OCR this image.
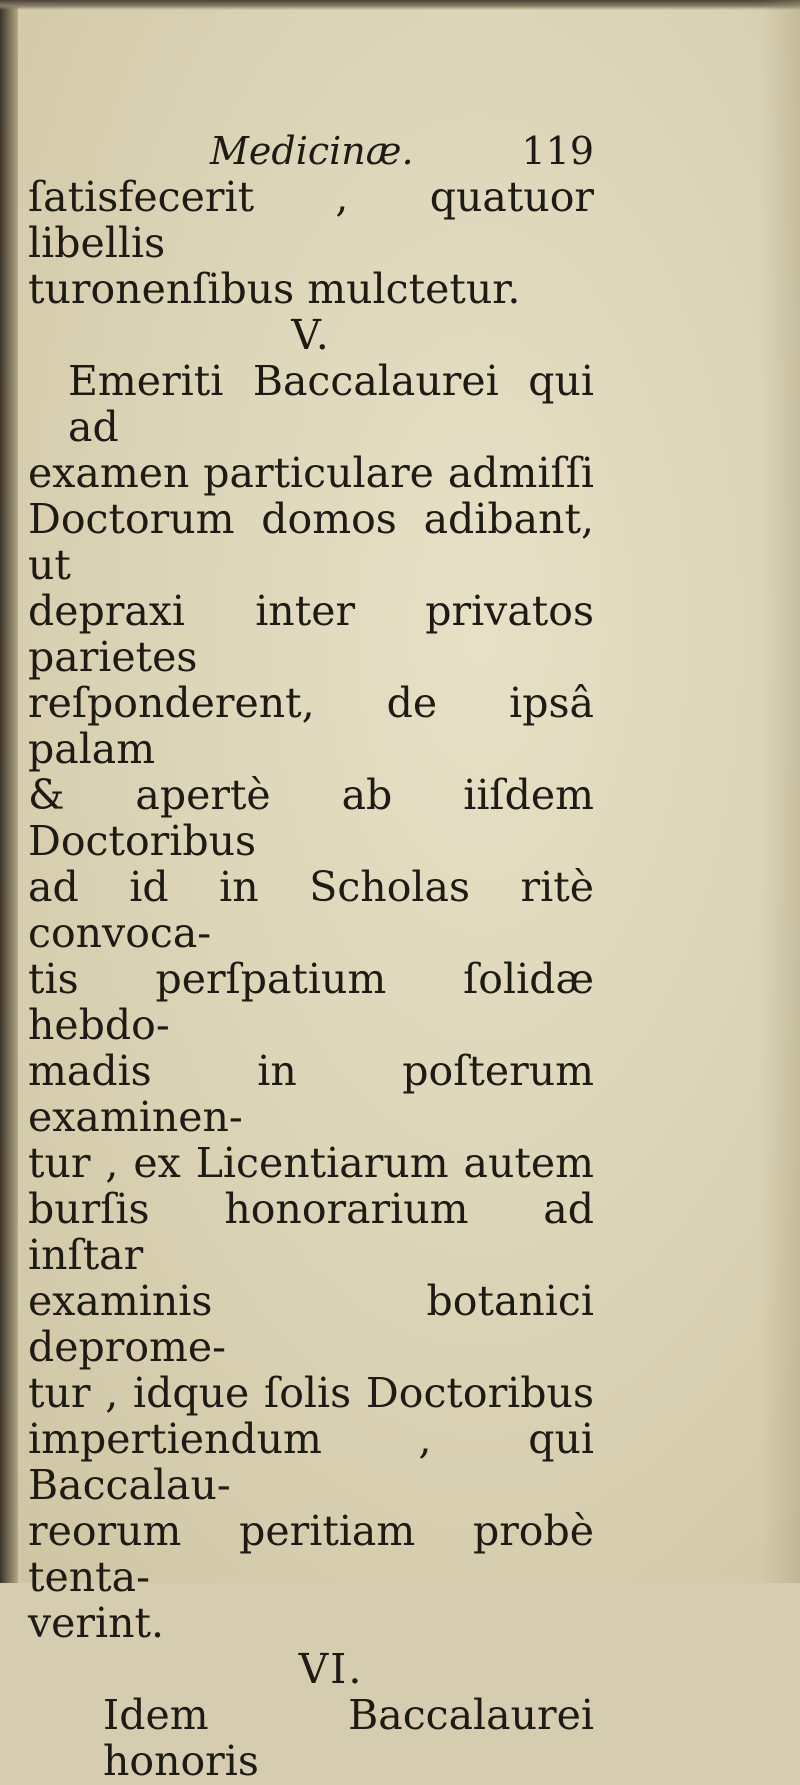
Medicinæ.	119
ſatisfecerit , quatuor libellis
turonenſibus mulctetur.
V.
Emeriti Baccalaurei qui ad
examen particulare admiſſi
Doctorum domos adibant, ut
depraxi inter privatos parietes
reſponderent, de ipsâ palam
& apertè ab iiſdem Doctoribus
ad id in Scholas ritè convoca-
tis perſpatium ſolidæ hebdo-
madis in poſterum examinen-
tur , ex Licentiarum autem
burſis honorarium ad inſtar
examinis botanici deprome-
tur , idque ſolis Doctoribus
impertiendum , qui Baccalau-
reorum peritiam probè tenta-
verint.
VI.
Idem Baccalaurei honoris
